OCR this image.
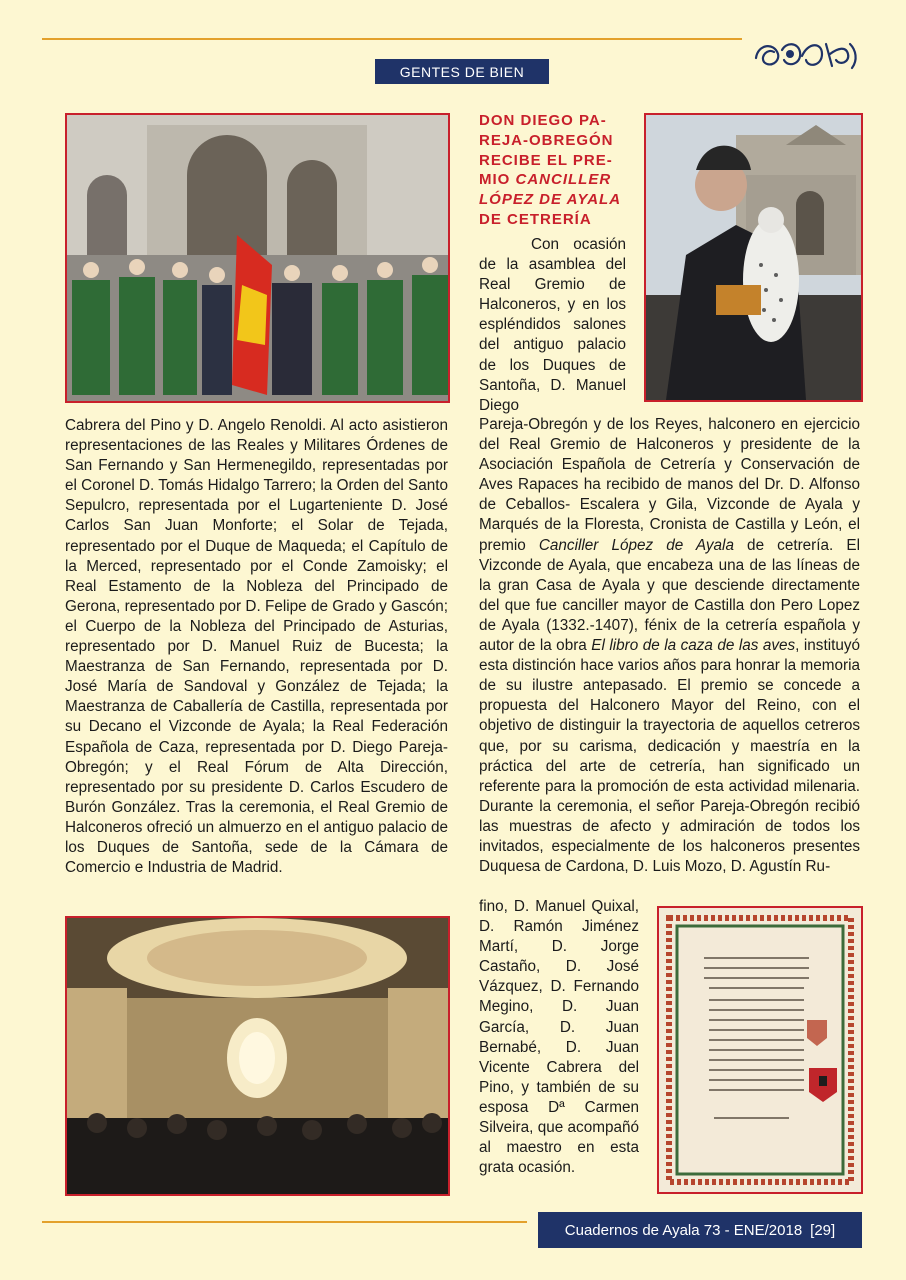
GENTES DE BIEN

DON DIEGO PA-REJA-OBREGÓN RECIBE EL PRE-MIO CANCILLER LÓPEZ DE AYALA DE CETRERÍA

Con ocasión de la asamblea del Real Gremio de Halconeros, y en los espléndidos salones del antiguo palacio de los Duques de Santoña, D. Manuel Diego

Pareja-Obregón y de los Reyes, halconero en ejercicio del Real Gremio de Halconeros y presidente de la Asociación Española de Cetrería y Conservación de Aves Rapaces ha recibido de manos del Dr. D. Alfonso de Ceballos- Escalera y Gila, Vizconde de Ayala y Marqués de la Floresta, Cronista de Castilla y León, el premio Canciller López de Ayala de cetrería. El Vizconde de Ayala, que encabeza una de las líneas de la gran Casa de Ayala y que desciende directamente del que fue canciller mayor de Castilla don Pero Lopez de Ayala (1332.-1407), fénix de la cetrería española y autor de la obra El libro de la caza de las aves, instituyó esta distinción hace varios años para honrar la memoria de su ilustre antepasado. El premio se concede a propuesta del Halconero Mayor del Reino, con el objetivo de distinguir la trayectoria de aquellos cetreros que, por su carisma, dedicación y maestría en la práctica del arte de cetrería, han significado un referente para la promoción de esta actividad milenaria. Durante la ceremonia, el señor Pareja-Obregón recibió las muestras de afecto y admiración de todos los invitados, especialmente de los halconeros presentes Duquesa de Cardona, D. Luis Mozo, D. Agustín Ru-

fino, D. Manuel Quixal, D. Ramón Jiménez Martí, D. Jorge Castaño, D. José Vázquez, D. Fernando Megino, D. Juan García, D. Juan Bernabé, D. Juan Vicente Cabrera del Pino, y también de su esposa Dª Carmen Silveira, que acompañó al maestro en esta grata ocasión.

Cabrera del Pino y D. Angelo Renoldi. Al acto asistieron representaciones de las Reales y Militares Órdenes de San Fernando y San Hermenegildo, representadas por el Coronel D. Tomás Hidalgo Tarrero; la Orden del Santo Sepulcro, representada por el Lugarteniente D. José Carlos San Juan Monforte; el Solar de Tejada, representado por el Duque de Maqueda; el Capítulo de la Merced, representado por el Conde Zamoisky; el Real Estamento de la Nobleza del Principado de Gerona, representado por D. Felipe de Grado y Gascón; el Cuerpo de la Nobleza del Principado de Asturias, representado por D. Manuel Ruiz de Bucesta; la Maestranza de San Fernando, representada por D. José María de Sandoval y González de Tejada; la Maestranza de Caballería de Castilla, representada por su Decano el Vizconde de Ayala; la Real Federación Española de Caza, representada por D. Diego Pareja-Obregón; y el Real Fórum de Alta Dirección, representado por su presidente D. Carlos Escudero de Burón González. Tras la ceremonia, el Real Gremio de Halconeros ofreció un almuerzo en el antiguo palacio de los Duques de Santoña, sede de la Cámara de Comercio e Industria de Madrid.

Cuadernos de Ayala 73 - ENE/2018 [29]
